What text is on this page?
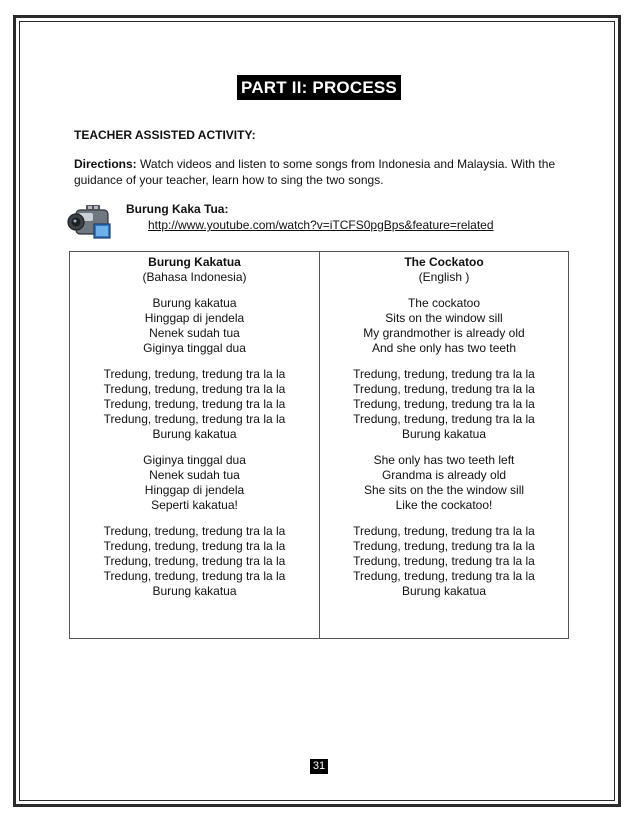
PART II: PROCESS
TEACHER ASSISTED ACTIVITY:
Directions: Watch videos and listen to some songs from Indonesia and Malaysia. With the guidance of your teacher, learn how to sing the two songs.
Burung Kaka Tua:
http://www.youtube.com/watch?v=iTCFS0pgBps&feature=related
Burung Kakatua
(Bahasa Indonesia)
Burung kakatua
Hinggap di jendela
Nenek sudah tua
Giginya tinggal dua
Tredung, tredung, tredung tra la la
Tredung, tredung, tredung tra la la
Tredung, tredung, tredung tra la la
Tredung, tredung, tredung tra la la
Burung kakatua
Giginya tinggal dua
Nenek sudah tua
Hinggap di jendela
Seperti kakatua!
Tredung, tredung, tredung tra la la
Tredung, tredung, tredung tra la la
Tredung, tredung, tredung tra la la
Tredung, tredung, tredung tra la la
Burung kakatua
The Cockatoo
(English )
The cockatoo
Sits on the window sill
My grandmother is already old
And she only has two teeth
Tredung, tredung, tredung tra la la
Tredung, tredung, tredung tra la la
Tredung, tredung, tredung tra la la
Tredung, tredung, tredung tra la la
Burung kakatua
She only has two teeth left
Grandma is already old
She sits on the the window sill
Like the cockatoo!
Tredung, tredung, tredung tra la la
Tredung, tredung, tredung tra la la
Tredung, tredung, tredung tra la la
Tredung, tredung, tredung tra la la
Burung kakatua
31
